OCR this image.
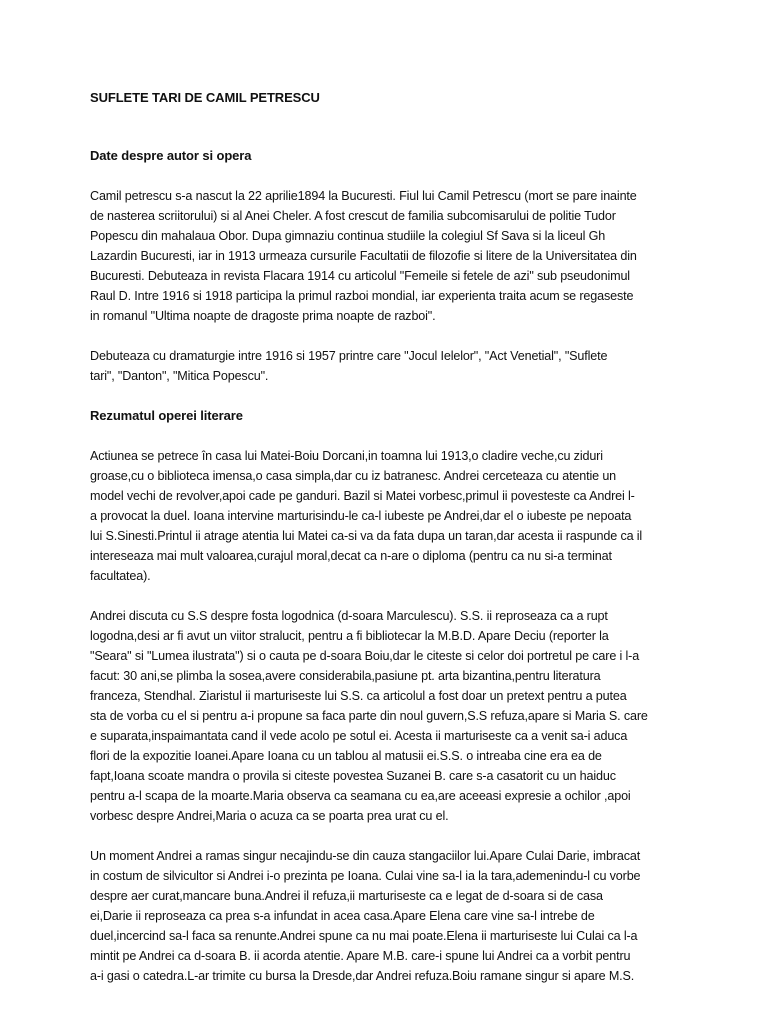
SUFLETE TARI DE CAMIL PETRESCU
Date despre autor si opera
Camil petrescu s-a nascut la 22 aprilie1894 la Bucuresti. Fiul lui Camil Petrescu (mort se pare inainte
de nasterea scriitorului) si al Anei Cheler. A fost crescut de familia subcomisarului de politie Tudor
Popescu din mahalaua Obor. Dupa gimnaziu continua studiile la colegiul Sf Sava si la liceul Gh
Lazardin Bucuresti, iar in 1913 urmeaza cursurile Facultatii de filozofie si litere de la Universitatea din
Bucuresti. Debuteaza in revista Flacara 1914 cu articolul "Femeile si fetele de azi" sub pseudonimul
Raul D. Intre 1916 si 1918 participa la primul razboi mondial, iar experienta traita acum se regaseste
in romanul "Ultima noapte de dragoste prima noapte de razboi".
Debuteaza cu dramaturgie intre 1916 si 1957 printre care "Jocul Ielelor", "Act Venetial", "Suflete
tari", "Danton", "Mitica Popescu".
Rezumatul operei literare
Actiunea se petrece în casa lui Matei-Boiu Dorcani,in toamna lui 1913,o cladire veche,cu ziduri
groase,cu o biblioteca imensa,o casa simpla,dar cu iz batranesc. Andrei cerceteaza cu atentie un
model vechi de revolver,apoi cade pe ganduri. Bazil si Matei vorbesc,primul ii povesteste ca Andrei l-
a provocat la duel. Ioana intervine marturisindu-le ca-l iubeste pe Andrei,dar el o iubeste pe nepoata
lui S.Sinesti.Printul ii atrage atentia lui Matei ca-si va da fata dupa un taran,dar acesta ii raspunde ca il
intereseaza mai mult valoarea,curajul moral,decat ca n-are o diploma (pentru ca nu si-a terminat
facultatea).
Andrei discuta cu S.S despre fosta logodnica (d-soara Marculescu). S.S. ii reproseaza ca a rupt
logodna,desi ar fi avut un viitor stralucit, pentru a fi bibliotecar la M.B.D. Apare Deciu (reporter la
"Seara" si "Lumea ilustrata") si o cauta pe d-soara Boiu,dar le citeste si celor doi portretul pe care i l-a
facut: 30 ani,se plimba la sosea,avere considerabila,pasiune pt. arta bizantina,pentru literatura
franceza, Stendhal. Ziaristul ii marturiseste lui S.S. ca articolul a fost doar un pretext pentru a putea
sta de vorba cu el si pentru a-i propune sa faca parte din noul guvern,S.S refuza,apare si Maria S. care
e suparata,inspaimantata cand il vede acolo pe sotul ei. Acesta ii marturiseste ca a venit sa-i aduca
flori de la expozitie Ioanei.Apare Ioana cu un tablou al matusii ei.S.S. o intreaba cine era ea de
fapt,Ioana scoate mandra o provila si citeste povestea Suzanei B. care s-a casatorit cu un haiduc
pentru a-l scapa de la moarte.Maria observa ca seamana cu ea,are aceeasi expresie a ochilor ,apoi
vorbesc despre Andrei,Maria o acuza ca se poarta prea urat cu el.
Un moment Andrei a ramas singur necajindu-se din cauza stangaciilor lui.Apare Culai Darie, imbracat
in costum de silvicultor si Andrei i-o prezinta pe Ioana. Culai vine sa-l ia la tara,ademenindu-l cu vorbe
despre aer curat,mancare buna.Andrei il refuza,ii marturiseste ca e legat de d-soara si de casa
ei,Darie ii reproseaza ca prea s-a infundat in acea casa.Apare Elena care vine sa-l intrebe de
duel,incercind sa-l faca sa renunte.Andrei spune ca nu mai poate.Elena ii marturiseste lui Culai ca l-a
mintit pe Andrei ca d-soara B. ii acorda atentie. Apare M.B. care-i spune lui Andrei ca a vorbit pentru
a-i gasi o catedra.L-ar trimite cu bursa la Dresde,dar Andrei refuza.Boiu ramane singur si apare M.S.
